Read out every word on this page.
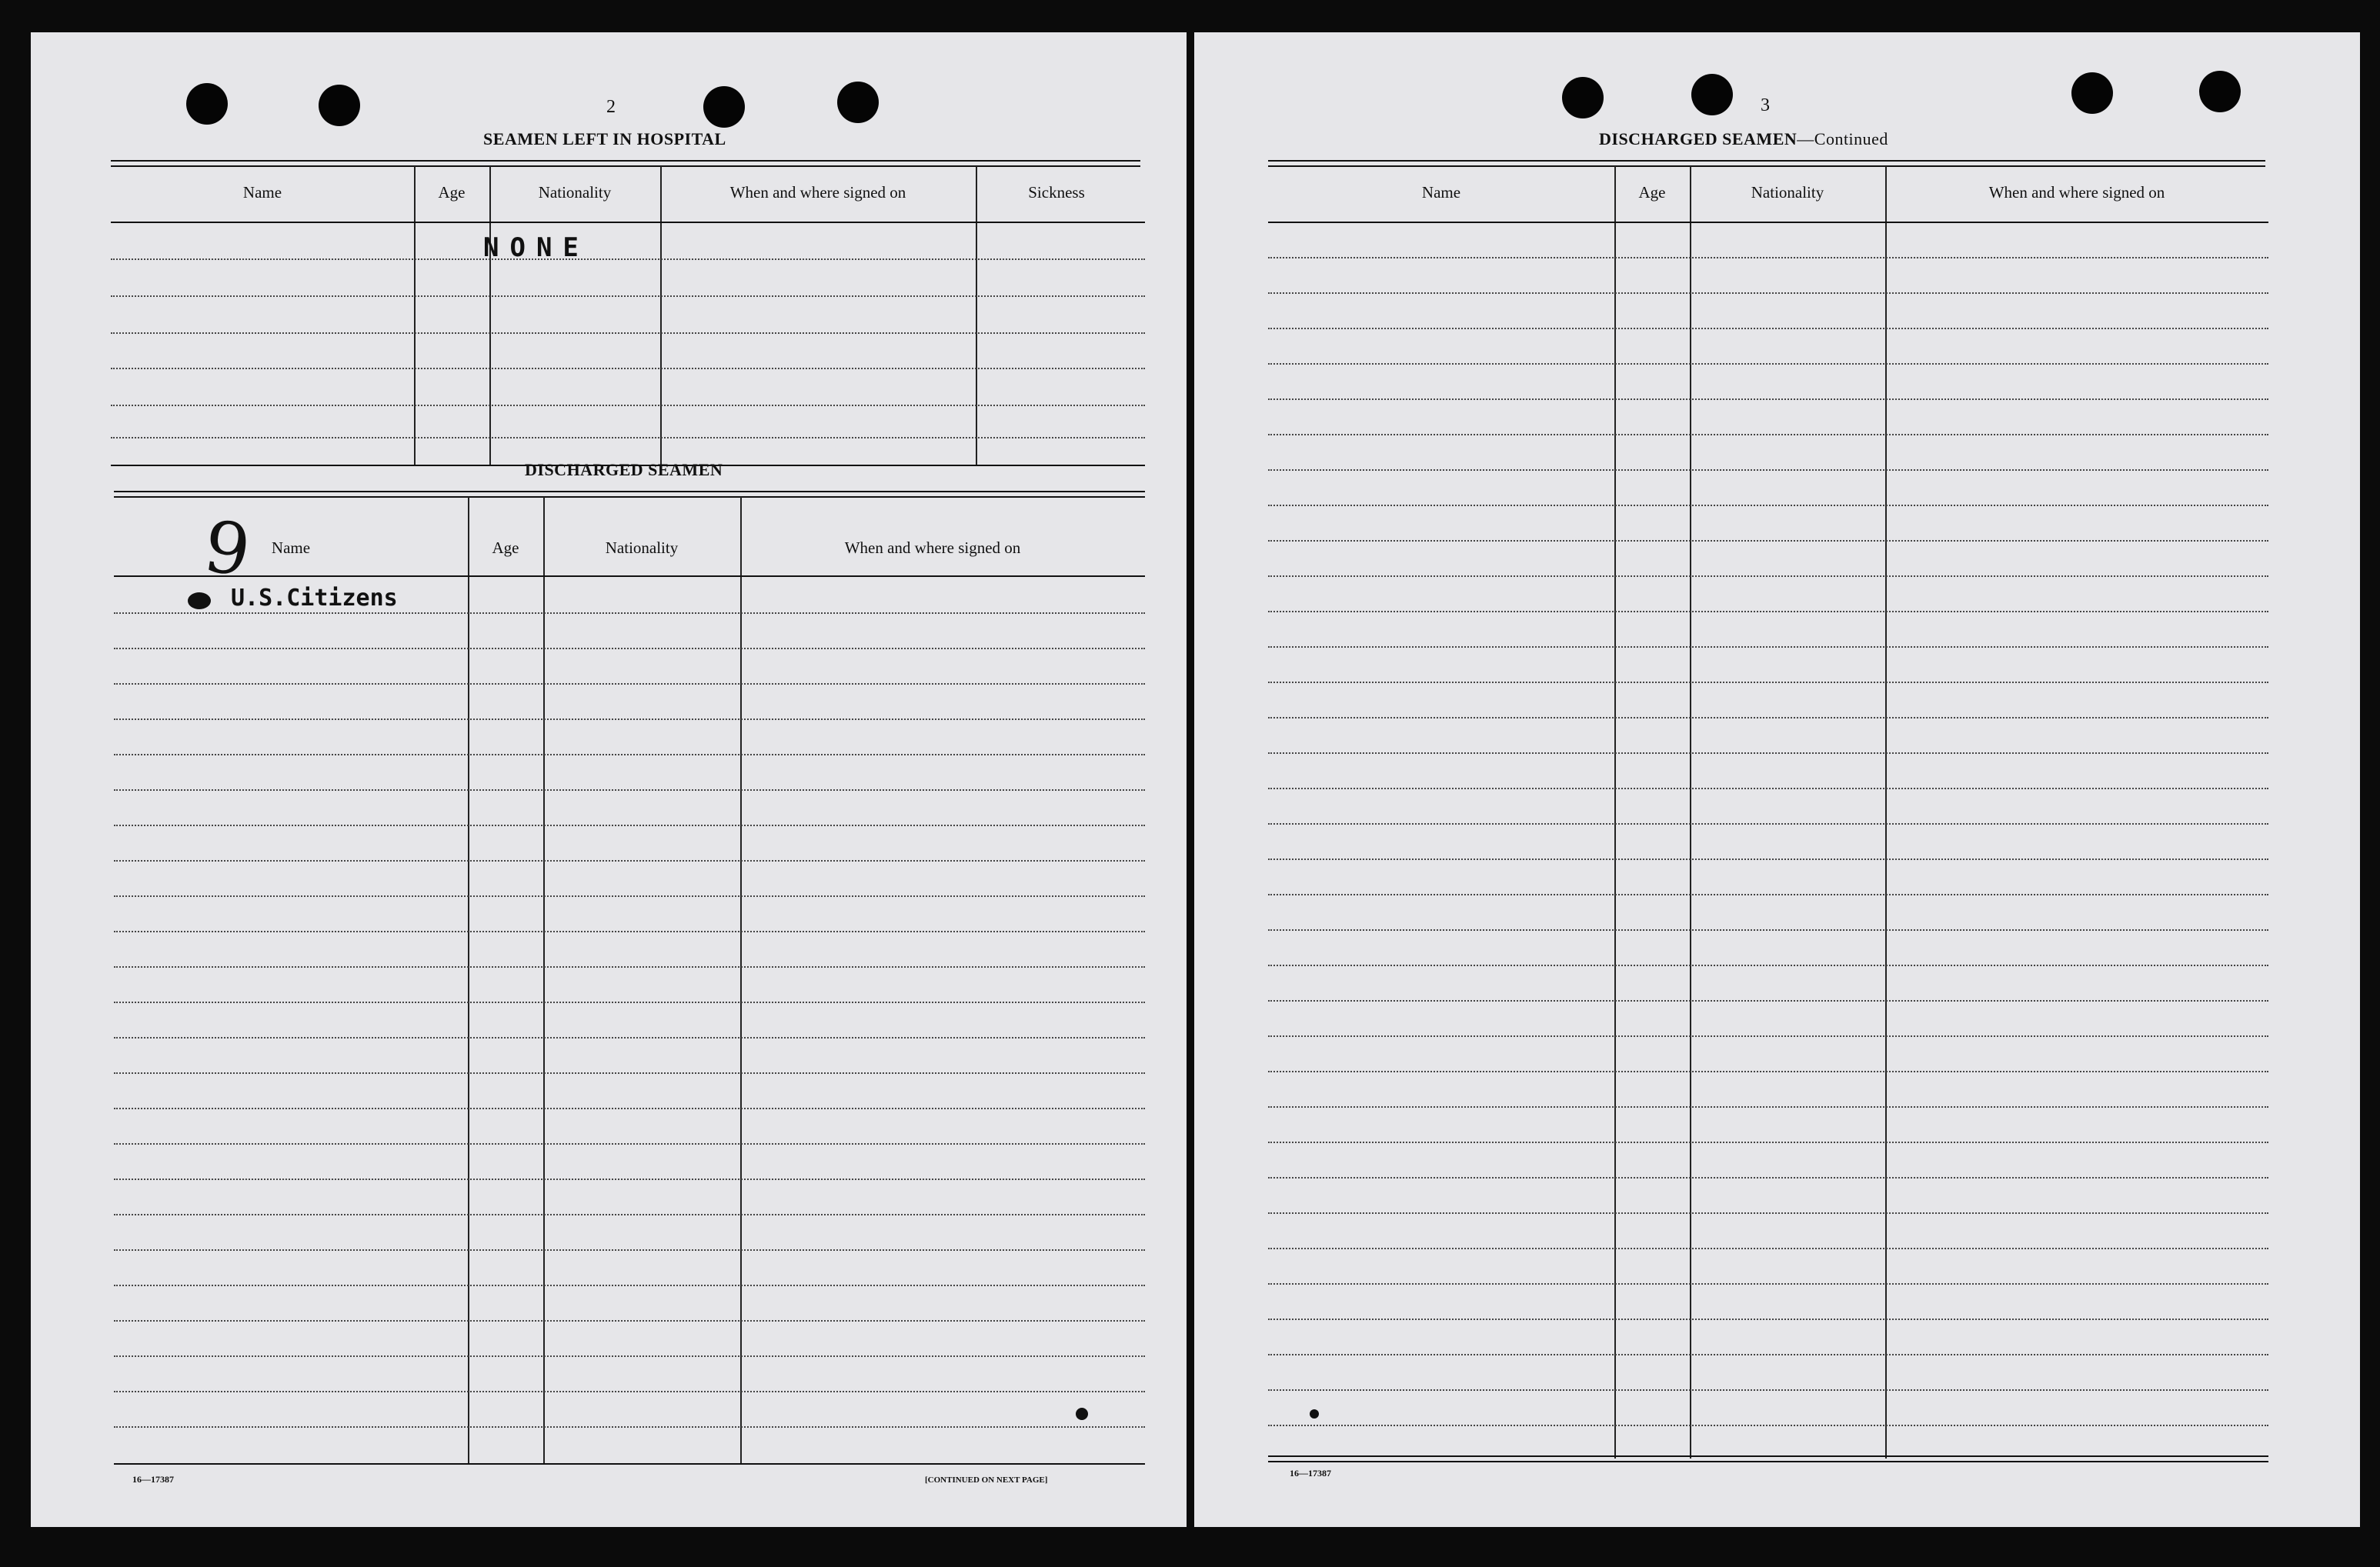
2
SEAMEN LEFT IN HOSPITAL
Name	Age	Nationality	When and where signed on	Sickness
NONE
DISCHARGED SEAMEN
Name	Age	Nationality	When and where signed on
9
U.S.Citizens
16—17387	[CONTINUED ON NEXT PAGE]
3
DISCHARGED SEAMEN—Continued
Name	Age	Nationality	When and where signed on
16—17387
